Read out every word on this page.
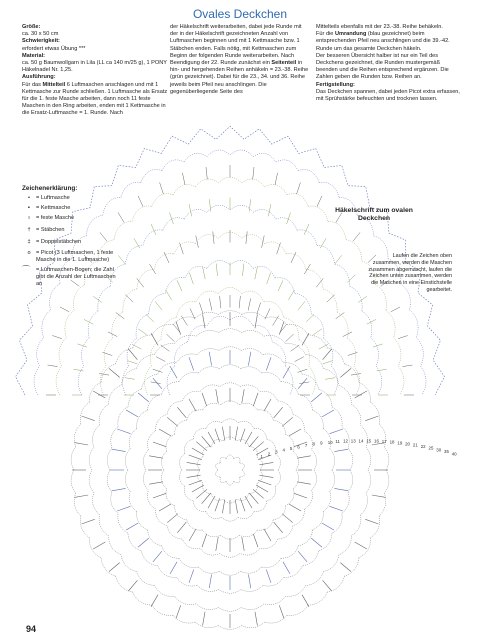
Ovales Deckchen

Größe:

ca. 30 x 50 cm

Schwierigkeit:

erfordert etwas Übung ***

Material:

ca. 50 g Baumwollgarn in Lila (LL ca 140 m/25 g), 1 PONY Häkelnadel Nr. 1,25.

Ausführung:

Für das Mittelteil 6 Luftmaschen anschlagen und mit 1 Kettmasche zur Runde schließen. 1 Luftmasche als Ersatz für die 1. feste Masche arbeiten, dann noch 11 feste Maschen in den Ring arbeiten, enden mit 1 Kettmasche in die Ersatz-Luftmasche = 1. Runde. Nach

der Häkelschrift weiterarbeiten, dabei jede Runde mit der in der Häkelschrift gezeichneten Anzahl von Luftmaschen beginnen und mit 1 Kettmasche bzw. 1 Stäbchen enden. Falls nötig, mit Kettmaschen zum Beginn der folgenden Runde weiterarbeiten. Nach Beendigung der 22. Runde zunächst ein Seitenteil in hin- und hergehenden Reihen anhäkeln = 23.-38. Reihe (grün gezeichnet). Dabei für die 23., 34. und 36. Reihe jeweils beim Pfeil neu anschlingen. Die gegenüberliegende Seite des

Mittelteils ebenfalls mit der 23.-38. Reihe behäkeln.

Für die Umrandung (blau gezeichnet) beim entsprechenden Pfeil neu anschlingen und die 39.-42. Runde um das gesamte Deckchen häkeln.

Der besseren Übersicht halber ist nur ein Teil des Deckchens gezeichnet, die Runden mustergemäß beenden und die Reihen entsprechend ergänzen. Die Zahlen geben die Runden bzw. Reihen an.

Fertigstellung:

Das Deckchen spannen, dabei jeden Picot extra erfassen, mit Sprühstärke befeuchten und trocknen lassen.

1 2 3 4 5 6 7 8 9 10 11 12 13 14 15 16 17 18 19 20 21 22 25 30 35 40
Zeichenerklärung:
•	= Luftmasche
▪	= Kettmasche
ı	= feste Masche
† = Stäbchen
‡ = Doppelstäbchen
o = Picot (3 Luftmaschen, 1 feste Masche in die 1. Luftmasche)
⌒	= Luftmaschen-Bogen; die Zahl gibt die Anzahl der Luftmaschen an
Häkelschrift zum ovalen Deckchen
Laufen die Zeichen oben zusammen, werden die Maschen zusammen abgemascht, laufen die Zeichen unten zusammen, werden die Maschen in eine Einstichstelle gearbeitet.
94
